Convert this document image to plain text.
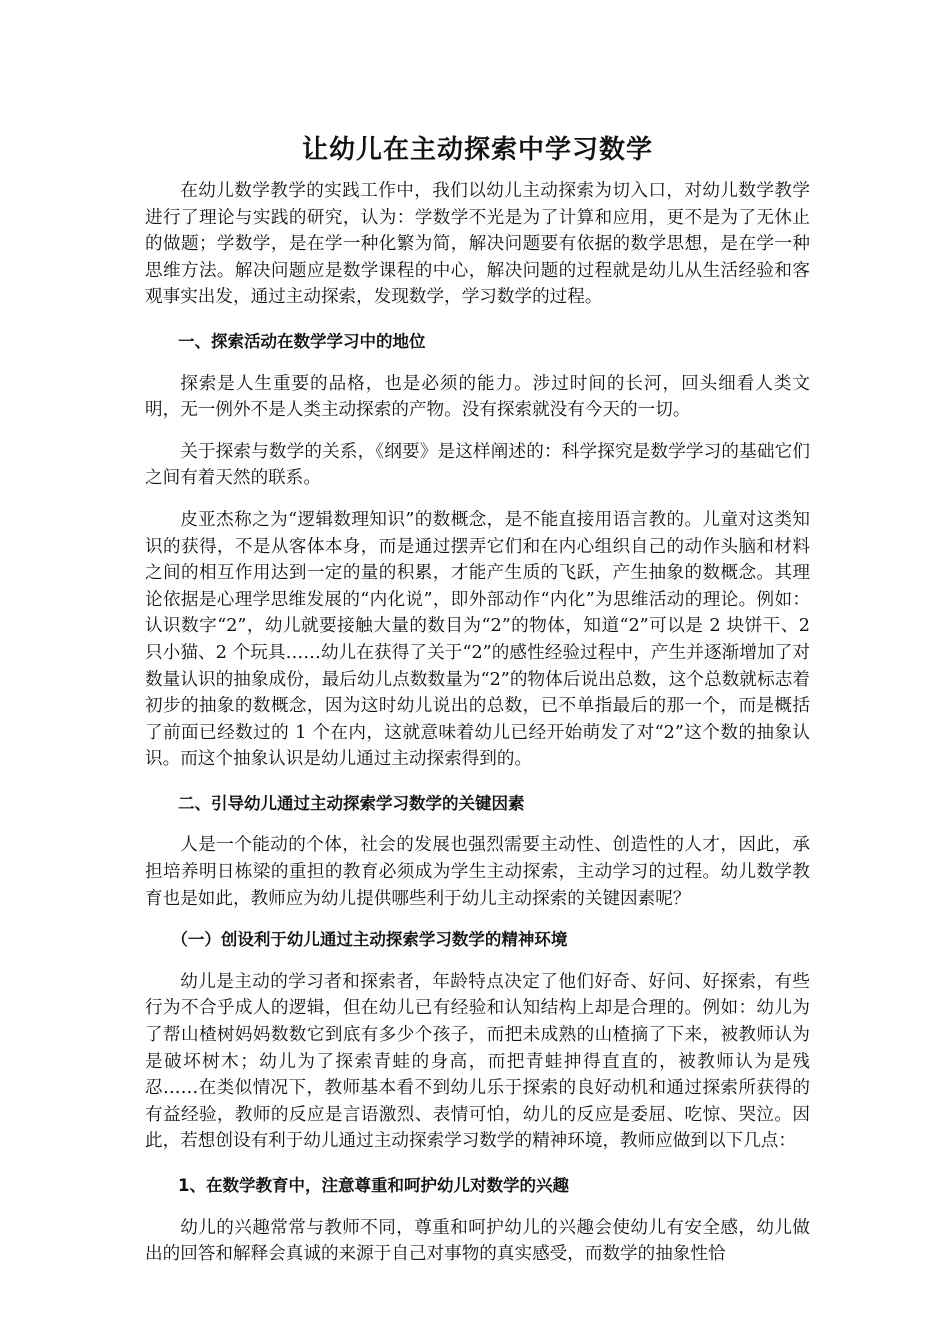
让幼儿在主动探索中学习数学

在幼儿数学教学的实践工作中，我们以幼儿主动探索为切入口，对幼儿数学教学进行了理论与实践的研究，认为：学数学不光是为了计算和应用，更不是为了无休止的做题；学数学，是在学一种化繁为简，解决问题要有依据的数学思想，是在学一种思维方法。解决问题应是数学课程的中心，解决问题的过程就是幼儿从生活经验和客观事实出发，通过主动探索，发现数学，学习数学的过程。

一、探索活动在数学学习中的地位

探索是人生重要的品格，也是必须的能力。涉过时间的长河，回头细看人类文明，无一例外不是人类主动探索的产物。没有探索就没有今天的一切。

关于探索与数学的关系，《纲要》是这样阐述的：科学探究是数学学习的基础它们之间有着天然的联系。

皮亚杰称之为“逻辑数理知识”的数概念，是不能直接用语言教的。儿童对这类知识的获得，不是从客体本身，而是通过摆弄它们和在内心组织自己的动作头脑和材料之间的相互作用达到一定的量的积累，才能产生质的飞跃，产生抽象的数概念。其理论依据是心理学思维发展的“内化说”，即外部动作“内化”为思维活动的理论。例如：认识数字“2”，幼儿就要接触大量的数目为“2”的物体，知道“2”可以是 2 块饼干、2 只小猫、2 个玩具……幼儿在获得了关于“2”的感性经验过程中，产生并逐渐增加了对数量认识的抽象成份，最后幼儿点数数量为“2”的物体后说出总数，这个总数就标志着初步的抽象的数概念，因为这时幼儿说出的总数，已不单指最后的那一个，而是概括了前面已经数过的 1 个在内，这就意味着幼儿已经开始萌发了对“2”这个数的抽象认识。而这个抽象认识是幼儿通过主动探索得到的。

二、引导幼儿通过主动探索学习数学的关键因素

人是一个能动的个体，社会的发展也强烈需要主动性、创造性的人才，因此，承担培养明日栋梁的重担的教育必须成为学生主动探索，主动学习的过程。幼儿数学教育也是如此，教师应为幼儿提供哪些利于幼儿主动探索的关键因素呢？

（一）创设利于幼儿通过主动探索学习数学的精神环境

幼儿是主动的学习者和探索者，年龄特点决定了他们好奇、好问、好探索，有些行为不合乎成人的逻辑，但在幼儿已有经验和认知结构上却是合理的。例如：幼儿为了帮山楂树妈妈数数它到底有多少个孩子，而把未成熟的山楂摘了下来，被教师认为是破坏树木；幼儿为了探索青蛙的身高，而把青蛙抻得直直的，被教师认为是残忍……在类似情况下，教师基本看不到幼儿乐于探索的良好动机和通过探索所获得的有益经验，教师的反应是言语激烈、表情可怕，幼儿的反应是委屈、吃惊、哭泣。因此，若想创设有利于幼儿通过主动探索学习数学的精神环境，教师应做到以下几点：

1、在数学教育中，注意尊重和呵护幼儿对数学的兴趣

幼儿的兴趣常常与教师不同，尊重和呵护幼儿的兴趣会使幼儿有安全感，幼儿做出的回答和解释会真诚的来源于自己对事物的真实感受，而数学的抽象性恰
